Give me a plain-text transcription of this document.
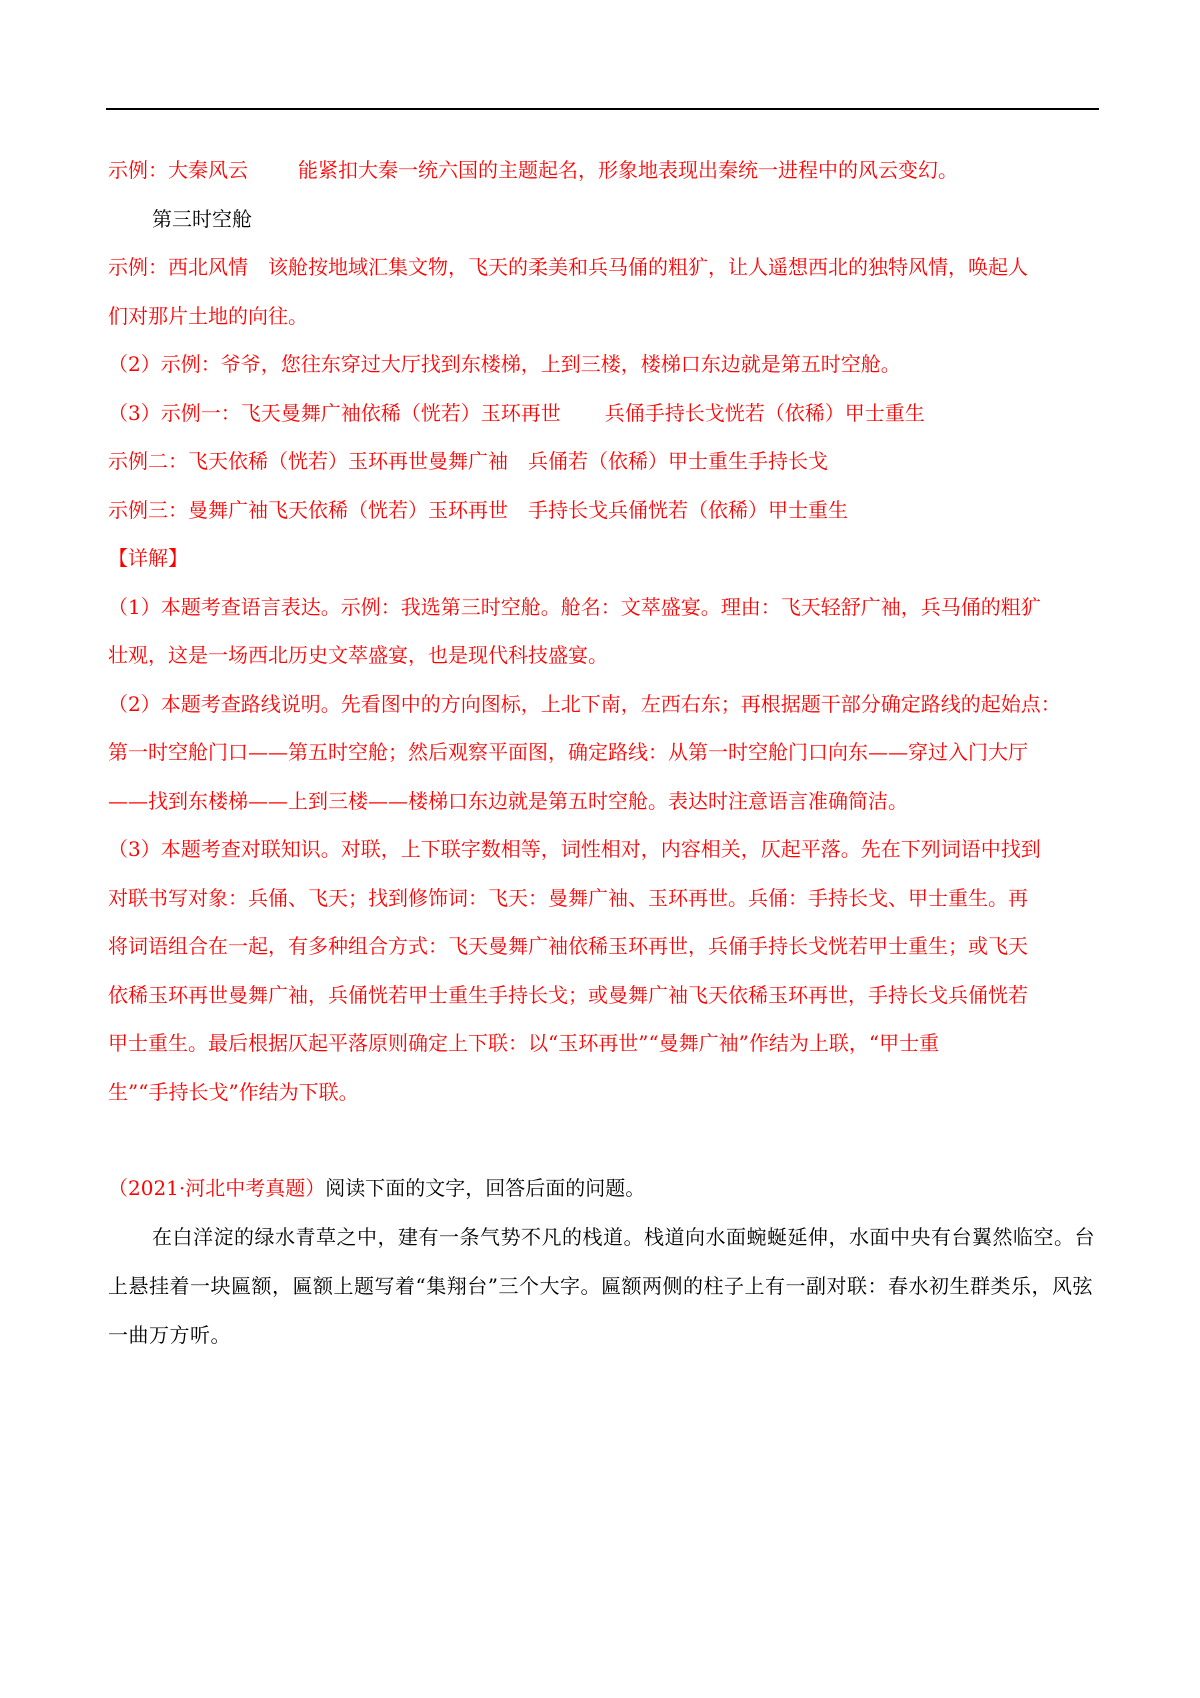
示例：大秦风云	能紧扣大秦一统六国的主题起名，形象地表现出秦统一进程中的风云变幻。
第三时空舱
示例：西北风情　该舱按地域汇集文物，飞天的柔美和兵马俑的粗犷，让人遥想西北的独特风情，唤起人
们对那片土地的向往。
（2）示例：爷爷，您往东穿过大厅找到东楼梯，上到三楼，楼梯口东边就是第五时空舱。
（3）示例一：飞天曼舞广袖依稀（恍若）玉环再世 兵俑手持长戈恍若（依稀）甲士重生
示例二：飞天依稀（恍若）玉环再世曼舞广袖　兵俑若（依稀）甲士重生手持长戈
示例三：曼舞广袖飞天依稀（恍若）玉环再世　手持长戈兵俑恍若（依稀）甲士重生
【详解】
（1）本题考查语言表达。示例：我选第三时空舱。舱名：文萃盛宴。理由：飞天轻舒广袖，兵马俑的粗犷
壮观，这是一场西北历史文萃盛宴，也是现代科技盛宴。
（2）本题考查路线说明。先看图中的方向图标，上北下南，左西右东；再根据题干部分确定路线的起始点：
第一时空舱门口——第五时空舱；然后观察平面图，确定路线：从第一时空舱门口向东——穿过入门大厅
——找到东楼梯——上到三楼——楼梯口东边就是第五时空舱。表达时注意语言准确简洁。
（3）本题考查对联知识。对联，上下联字数相等，词性相对，内容相关，仄起平落。先在下列词语中找到
对联书写对象：兵俑、飞天；找到修饰词：飞天：曼舞广袖、玉环再世。兵俑：手持长戈、甲士重生。再
将词语组合在一起，有多种组合方式：飞天曼舞广袖依稀玉环再世，兵俑手持长戈恍若甲士重生；或飞天
依稀玉环再世曼舞广袖，兵俑恍若甲士重生手持长戈；或曼舞广袖飞天依稀玉环再世，手持长戈兵俑恍若
甲士重生。最后根据仄起平落原则确定上下联：以“玉环再世”“曼舞广袖”作结为上联，“甲士重
生”“手持长戈”作结为下联。
（2021·河北中考真题）阅读下面的文字，回答后面的问题。
在白洋淀的绿水青草之中，建有一条气势不凡的栈道。栈道向水面蜿蜒延伸，水面中央有台翼然临空。台上悬挂着一块匾额，匾额上题写着“集翔台”三个大字。匾额两侧的柱子上有一副对联：春水初生群类乐，风弦一曲万方听。
